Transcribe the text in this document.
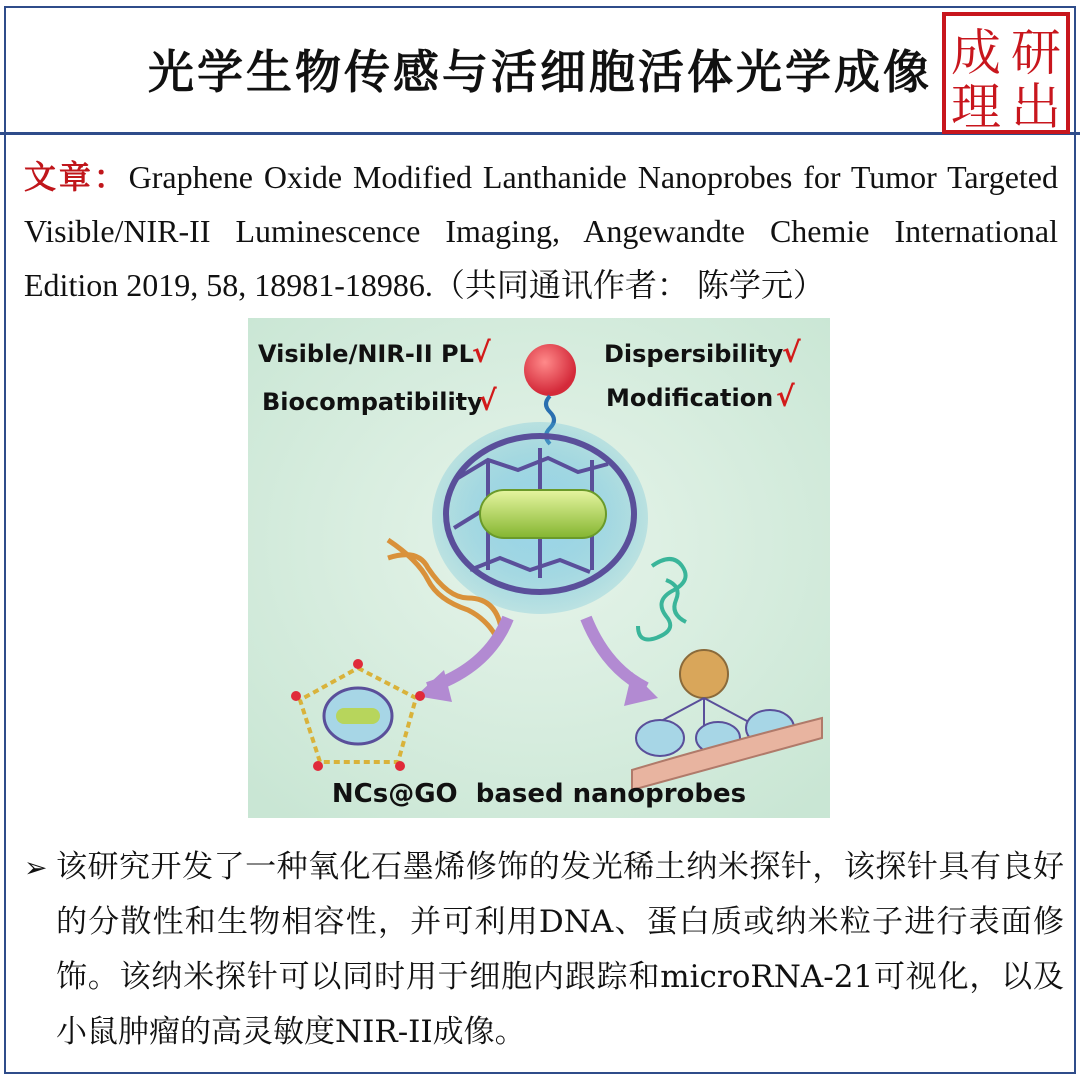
光学生物传感与活细胞活体光学成像	研
成
理 出
文章：Graphene Oxide Modified Lanthanide Nanoprobes for Tumor Targeted Visible/NIR-II Luminescence Imaging, Angewandte Chemie International Edition 2019, 58, 18981-18986.（共同通讯作者： 陈学元）
Visible/NIR-II PL
√	Dispersibility
√
Biocompatibility
√	Modification √
NCs@GO  based nanoprobes
➢ 该研究开发了一种氧化石墨烯修饰的发光稀土纳米探针，该探针具有良好的分散性和生物相容性，并可利用DNA、蛋白质或纳米粒子进行表面修饰。该纳米探针可以同时用于细胞内跟踪和microRNA-21可视化，以及小鼠肿瘤的高灵敏度NIR-II成像。
